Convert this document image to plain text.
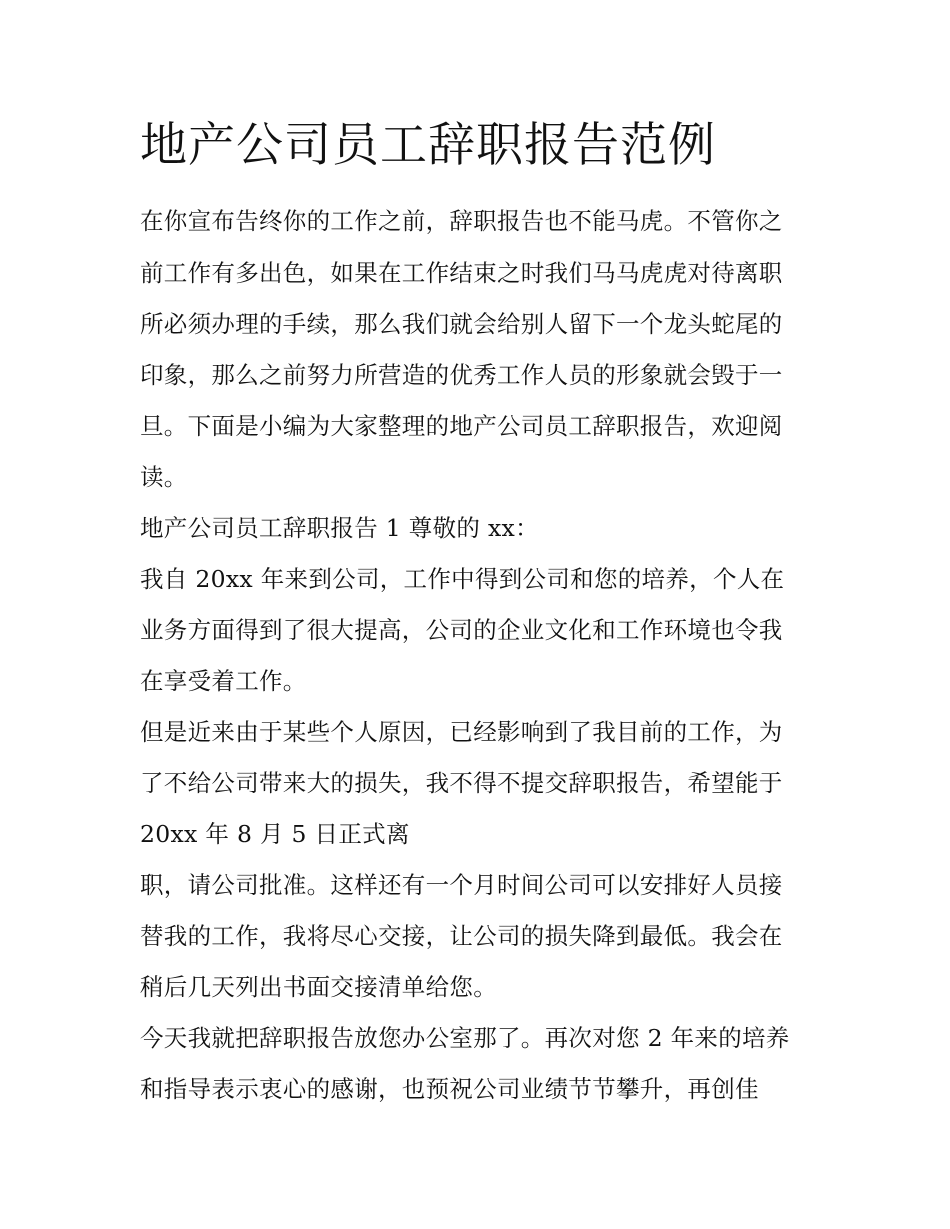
地产公司员工辞职报告范例
在你宣布告终你的工作之前，辞职报告也不能马虎。不管你之
前工作有多出色，如果在工作结束之时我们马马虎虎对待离职
所必须办理的手续，那么我们就会给别人留下一个龙头蛇尾的
印象，那么之前努力所营造的优秀工作人员的形象就会毁于一
旦。下面是小编为大家整理的地产公司员工辞职报告，欢迎阅
读。
地产公司员工辞职报告 1 尊敬的 xx：
我自 20xx 年来到公司，工作中得到公司和您的培养，个人在
业务方面得到了很大提高，公司的企业文化和工作环境也令我
在享受着工作。
但是近来由于某些个人原因，已经影响到了我目前的工作，为
了不给公司带来大的损失，我不得不提交辞职报告，希望能于
20xx 年 8 月 5 日正式离
职，请公司批准。这样还有一个月时间公司可以安排好人员接
替我的工作，我将尽心交接，让公司的损失降到最低。我会在
稍后几天列出书面交接清单给您。
今天我就把辞职报告放您办公室那了。再次对您 2 年来的培养
和指导表示衷心的感谢，也预祝公司业绩节节攀升，再创佳
